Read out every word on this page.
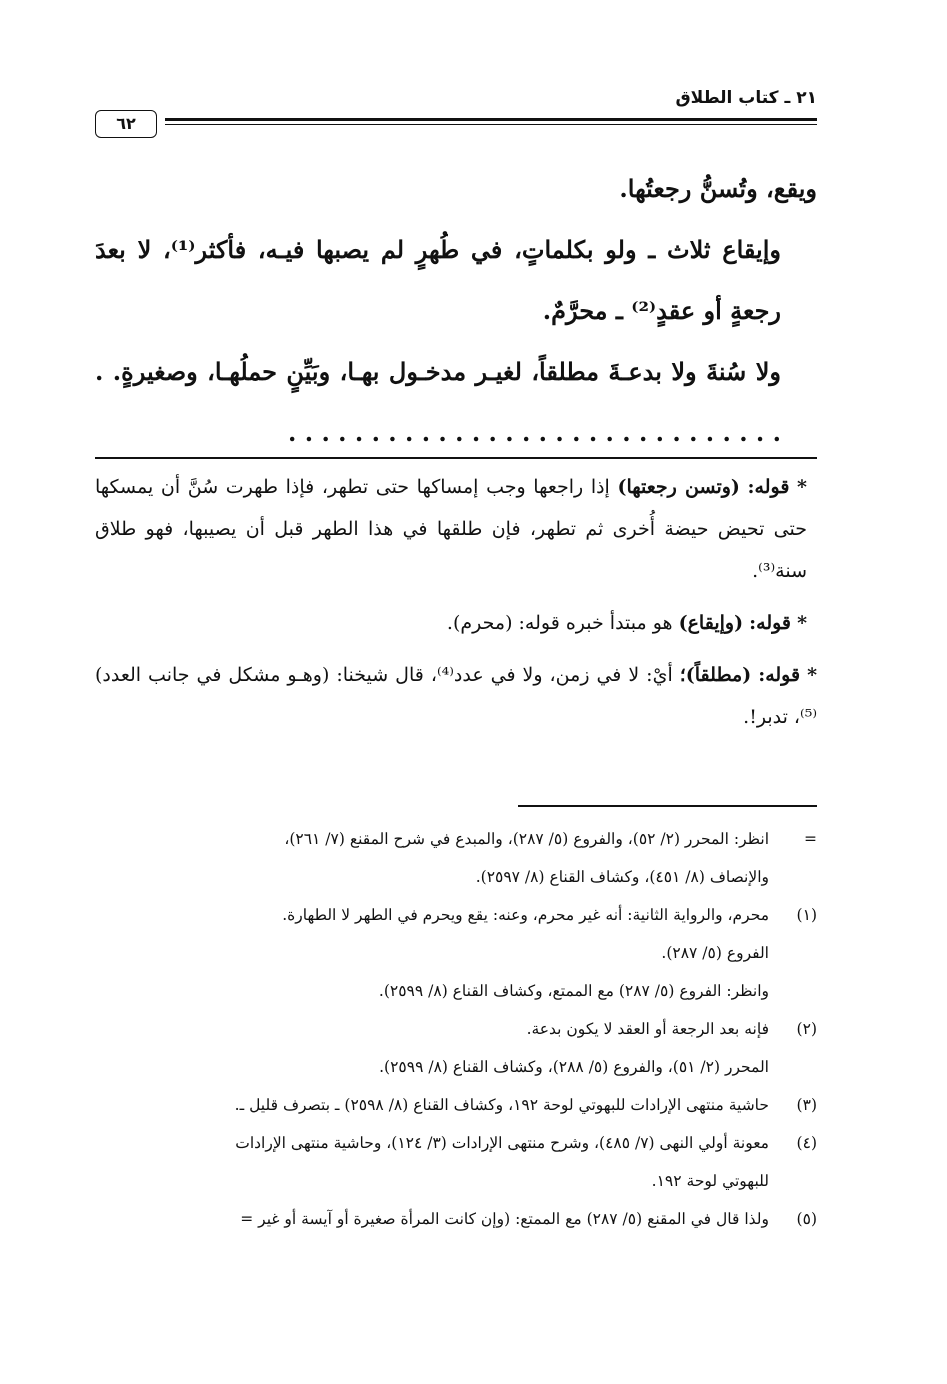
٢١ ـ كتاب الطلاق
٦٢

ويقع، وتُسنُّ رجعتُها.

وإيقاع ثلاث ـ ولو بكلماتٍ، في طُهرٍ لم يصبها فيـه، فأكثر⁽¹⁾، لا بعدَ رجعةٍ أو عقدٍ⁽²⁾ ـ محرَّمٌ.

ولا سُنةَ ولا بدعـةَ مطلقاً، لغيـر مدخـول بهـا، وبَيِّنٍ حملُهـا، وصغيرةٍ. . . . . . . . . . . . . . . . . . . . . . . . . . . . . . . .

* قوله: (وتسن رجعتها) إذا راجعها وجب إمساكها حتى تطهر، فإذا طهرت سُنَّ أن يمسكها حتى تحيض حيضة أُخرى ثم تطهر، فإن طلقها في هذا الطهر قبل أن يصيبها، فهو طلاق سنة⁽³⁾.

* قوله: (وإيقاع) هو مبتدأ خبره قوله: (محرم).

* قوله: (مطلقاً)؛ أيْ: لا في زمن، ولا في عدد⁽⁴⁾، قال شيخنا: (وهـو مشكل في جانب العدد)⁽⁵⁾، تدبر!.

=
انظر: المحرر (٢/ ٥٢)، والفروع (٥/ ٢٨٧)، والمبدع في شرح المقنع (٧/ ٢٦١)،
والإنصاف (٨/ ٤٥١)، وكشاف القناع (٨/ ٢٥٩٧).
(١)
محرم، والرواية الثانية: أنه غير محرم، وعنه: يقع ويحرم في الطهر لا الطهارة.
الفروع (٥/ ٢٨٧).
وانظر: الفروع (٥/ ٢٨٧) مع الممتع، وكشاف القناع (٨/ ٢٥٩٩).
(٢)
فإنه بعد الرجعة أو العقد لا يكون بدعة.
المحرر (٢/ ٥١)، والفروع (٥/ ٢٨٨)، وكشاف القناع (٨/ ٢٥٩٩).
(٣)
حاشية منتهى الإرادات للبهوتي لوحة ١٩٢، وكشاف القناع (٨/ ٢٥٩٨) ـ بتصرف قليل ـ.
(٤)
معونة أولي النهى (٧/ ٤٨٥)، وشرح منتهى الإرادات (٣/ ١٢٤)، وحاشية منتهى الإرادات
للبهوتي لوحة ١٩٢.
(٥)
ولذا قال في المقنع (٥/ ٢٨٧) مع الممتع: (وإن كانت المرأة صغيرة أو آيسة أو غير =
